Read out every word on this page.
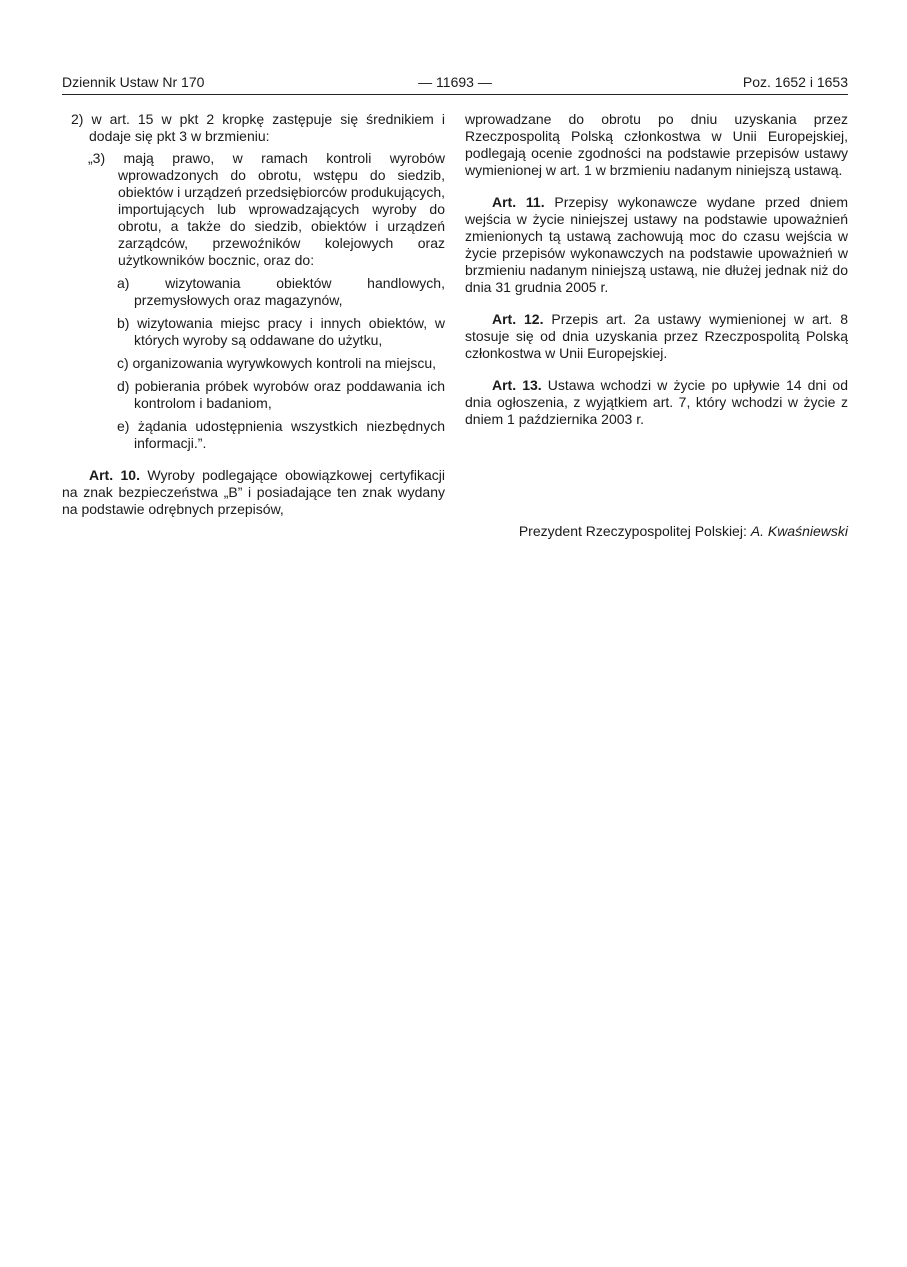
Dziennik Ustaw Nr 170	— 11693 —	Poz. 1652 i 1653

2) w art. 15 w pkt 2 kropkę zastępuje się średnikiem i dodaje się pkt 3 w brzmieniu:

„3) mają prawo, w ramach kontroli wyrobów wprowadzonych do obrotu, wstępu do siedzib, obiektów i urządzeń przedsiębiorców produkujących, importujących lub wprowadzających wyroby do obrotu, a także do siedzib, obiektów i urządzeń zarządców, przewoźników kolejowych oraz użytkowników bocznic, oraz do:

a) wizytowania obiektów handlowych, przemysłowych oraz magazynów,
b) wizytowania miejsc pracy i innych obiektów, w których wyroby są oddawane do użytku,
c) organizowania wyrywkowych kontroli na miejscu,
d) pobierania próbek wyrobów oraz poddawania ich kontrolom i badaniom,
e) żądania udostępnienia wszystkich niezbędnych informacji.”.

Art. 10. Wyroby podlegające obowiązkowej certyfikacji na znak bezpieczeństwa „B” i posiadające ten znak wydany na podstawie odrębnych przepisów,

wprowadzane do obrotu po dniu uzyskania przez Rzeczpospolitą Polską członkostwa w Unii Europejskiej, podlegają ocenie zgodności na podstawie przepisów ustawy wymienionej w art. 1 w brzmieniu nadanym niniejszą ustawą.

Art. 11. Przepisy wykonawcze wydane przed dniem wejścia w życie niniejszej ustawy na podstawie upoważnień zmienionych tą ustawą zachowują moc do czasu wejścia w życie przepisów wykonawczych na podstawie upoważnień w brzmieniu nadanym niniejszą ustawą, nie dłużej jednak niż do dnia 31 grudnia 2005 r.

Art. 12. Przepis art. 2a ustawy wymienionej w art. 8 stosuje się od dnia uzyskania przez Rzeczpospolitą Polską członkostwa w Unii Europejskiej.

Art. 13. Ustawa wchodzi w życie po upływie 14 dni od dnia ogłoszenia, z wyjątkiem art. 7, który wchodzi w życie z dniem 1 października 2003 r.

Prezydent Rzeczypospolitej Polskiej: A. Kwaśniewski
